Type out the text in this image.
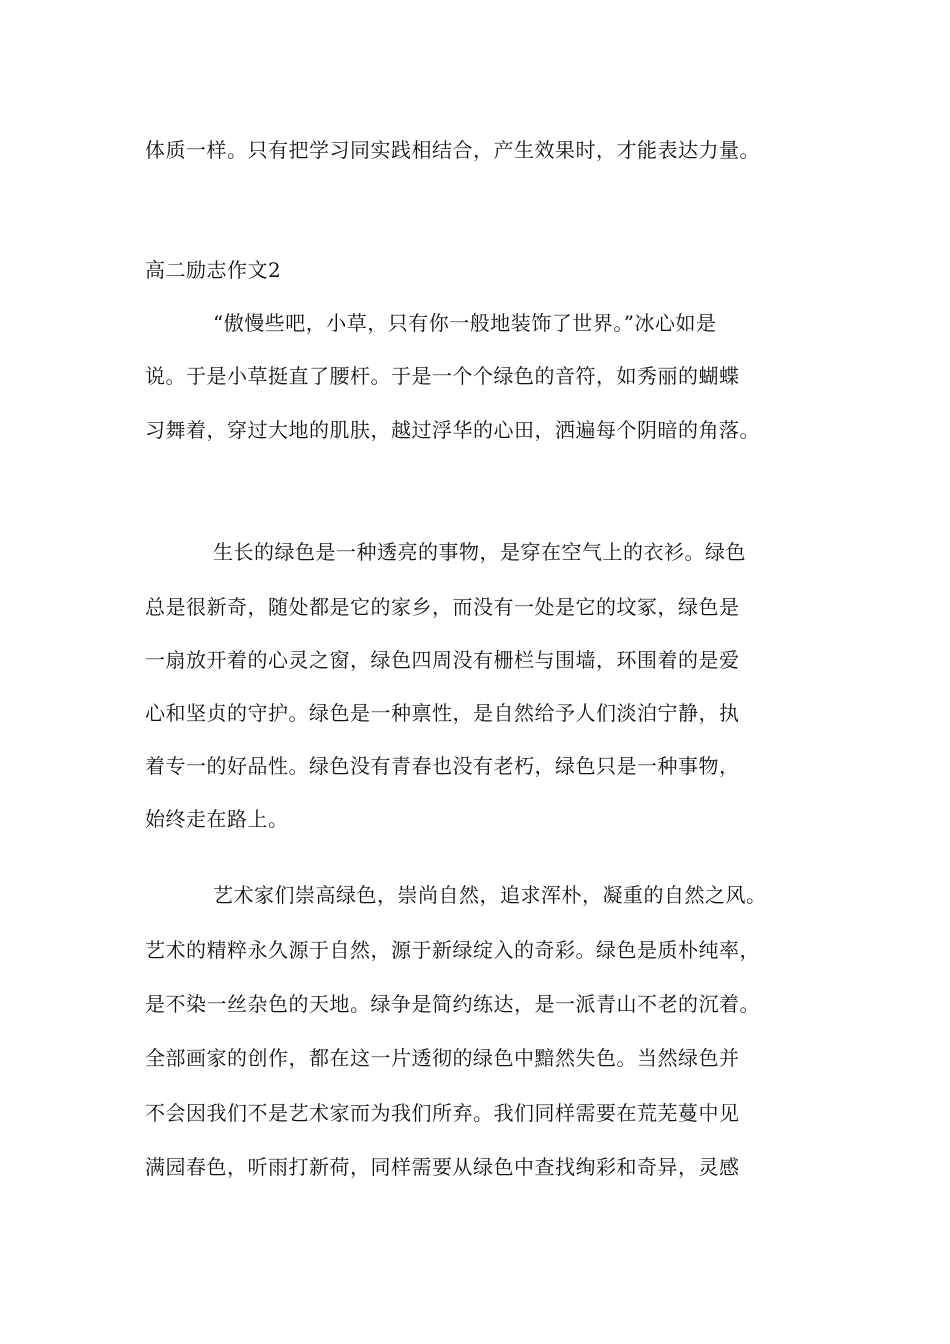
体质一样。只有把学习同实践相结合，产生效果时，才能表达力量。
高二励志作文2
“傲慢些吧，小草，只有你一般地装饰了世界。”冰心如是
说。于是小草挺直了腰杆。于是一个个绿色的音符，如秀丽的蝴蝶
习舞着，穿过大地的肌肤，越过浮华的心田，洒遍每个阴暗的角落。
生长的绿色是一种透亮的事物，是穿在空气上的衣衫。绿色
总是很新奇，随处都是它的家乡，而没有一处是它的坟冢，绿色是
一扇放开着的心灵之窗，绿色四周没有栅栏与围墙，环围着的是爱
心和坚贞的守护。绿色是一种禀性，是自然给予人们淡泊宁静，执
着专一的好品性。绿色没有青春也没有老朽，绿色只是一种事物，
始终走在路上。
艺术家们崇高绿色，崇尚自然，追求浑朴，凝重的自然之风。
艺术的精粹永久源于自然，源于新绿绽入的奇彩。绿色是质朴纯率，
是不染一丝杂色的天地。绿争是简约练达，是一派青山不老的沉着。
全部画家的创作，都在这一片透彻的绿色中黯然失色。当然绿色并
不会因我们不是艺术家而为我们所弃。我们同样需要在荒芜蔓中见
满园春色，听雨打新荷，同样需要从绿色中查找绚彩和奇异，灵感
